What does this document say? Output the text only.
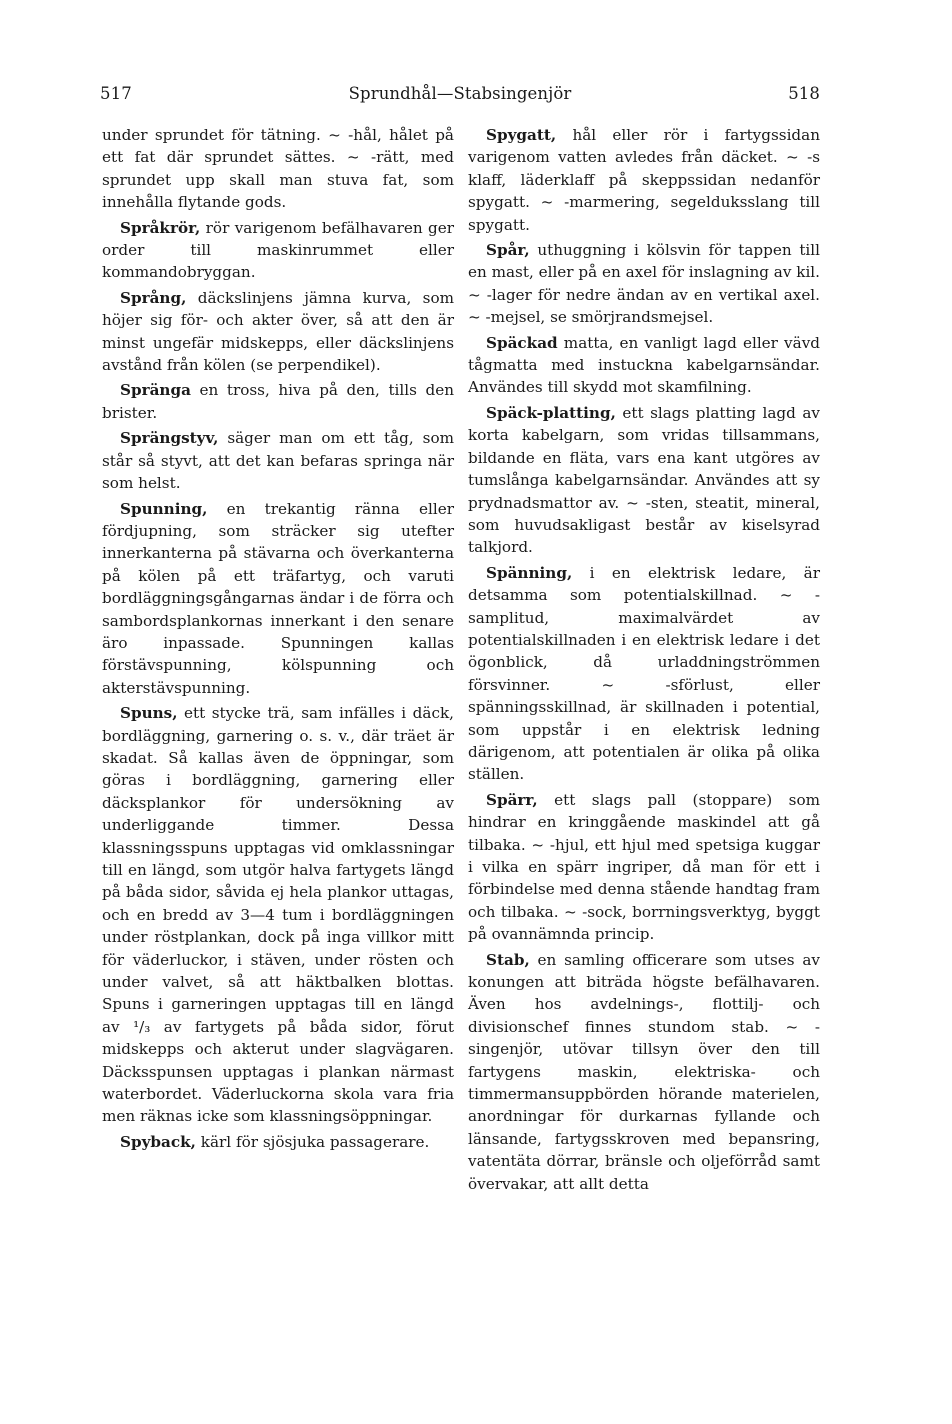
517	Sprundhål—Stabsingenjör	518

under sprundet för tätning. ~ -hål, hålet på ett fat där sprundet sättes. ~ -rätt, med sprundet upp skall man stuva fat, som innehålla flytande gods.

Språkrör, rör varigenom befälhavaren ger order till maskinrummet eller kommandobryggan.

Språng, däckslinjens jämna kurva, som höjer sig för- och akter över, så att den är minst ungefär midskepps, eller däckslinjens avstånd från kölen (se perpendikel).

Spränga en tross, hiva på den, tills den brister.

Sprängstyv, säger man om ett tåg, som står så styvt, att det kan befaras springa när som helst.

Spunning, en trekantig ränna eller fördjupning, som sträcker sig utefter innerkanterna på stävarna och överkanterna på kölen på ett träfartyg, och varuti bordläggningsgångarnas ändar i de förra och sambordsplankornas innerkant i den senare äro inpassade. Spunningen kallas förstävspunning, kölspunning och akterstävspunning.

Spuns, ett stycke trä, sam infälles i däck, bordläggning, garnering o. s. v., där träet är skadat. Så kallas även de öppningar, som göras i bordläggning, garnering eller däcksplankor för undersökning av underliggande timmer. Dessa klassningsspuns upptagas vid omklassningar till en längd, som utgör halva fartygets längd på båda sidor, såvida ej hela plankor uttagas, och en bredd av 3—4 tum i bordläggningen under röstplankan, dock på inga villkor mitt för väderluckor, i stäven, under rösten och under valvet, så att häktbalken blottas. Spuns i garneringen upptagas till en längd av ¹/₃ av fartygets på båda sidor, förut midskepps och akterut under slagvägaren. Däcksspunsen upptagas i plankan närmast waterbordet. Väderluckorna skola vara fria men räknas icke som klassningsöppningar.

Spyback, kärl för sjösjuka passagerare.

Spygatt, hål eller rör i fartygssidan varigenom vatten avledes från däcket. ~ -s klaff, läderklaff på skeppssidan nedanför spygatt. ~ -marmering, segelduksslang till spygatt.

Spår, uthuggning i kölsvin för tappen till en mast, eller på en axel för inslagning av kil. ~ -lager för nedre ändan av en vertikal axel. ~ -mejsel, se smörjrandsmejsel.

Späckad matta, en vanligt lagd eller vävd tågmatta med instuckna kabelgarnsändar. Användes till skydd mot skamfilning.

Späck-platting, ett slags platting lagd av korta kabelgarn, som vridas tillsammans, bildande en fläta, vars ena kant utgöres av tumslånga kabelgarnsändar. Användes att sy prydnadsmattor av. ~ -sten, steatit, mineral, som huvudsakligast består av kiselsyrad talkjord.

Spänning, i en elektrisk ledare, är detsamma som potentialskillnad. ~ -samplitud, maximalvärdet av potentialskillnaden i en elektrisk ledare i det ögonblick, då urladdningströmmen försvinner. ~ -sförlust, eller spänningsskillnad, är skillnaden i potential, som uppstår i en elektrisk ledning därigenom, att potentialen är olika på olika ställen.

Spärr, ett slags pall (stoppare) som hindrar en kringgående maskindel att gå tilbaka. ~ -hjul, ett hjul med spetsiga kuggar i vilka en spärr ingriper, då man för ett i förbindelse med denna stående handtag fram och tilbaka. ~ -sock, borrningsverktyg, byggt på ovannämnda princip.

Stab, en samling officerare som utses av konungen att biträda högste befälhavaren. Även hos avdelnings-, flottilj- och divisionschef finnes stundom stab. ~ -singenjör, utövar tillsyn över den till fartygens maskin, elektriska- och timmermansuppbörden hörande materielen, anordningar för durkarnas fyllande och länsande, fartygsskroven med bepansring, vatentäta dörrar, bränsle och oljeförråd samt övervakar, att allt detta
